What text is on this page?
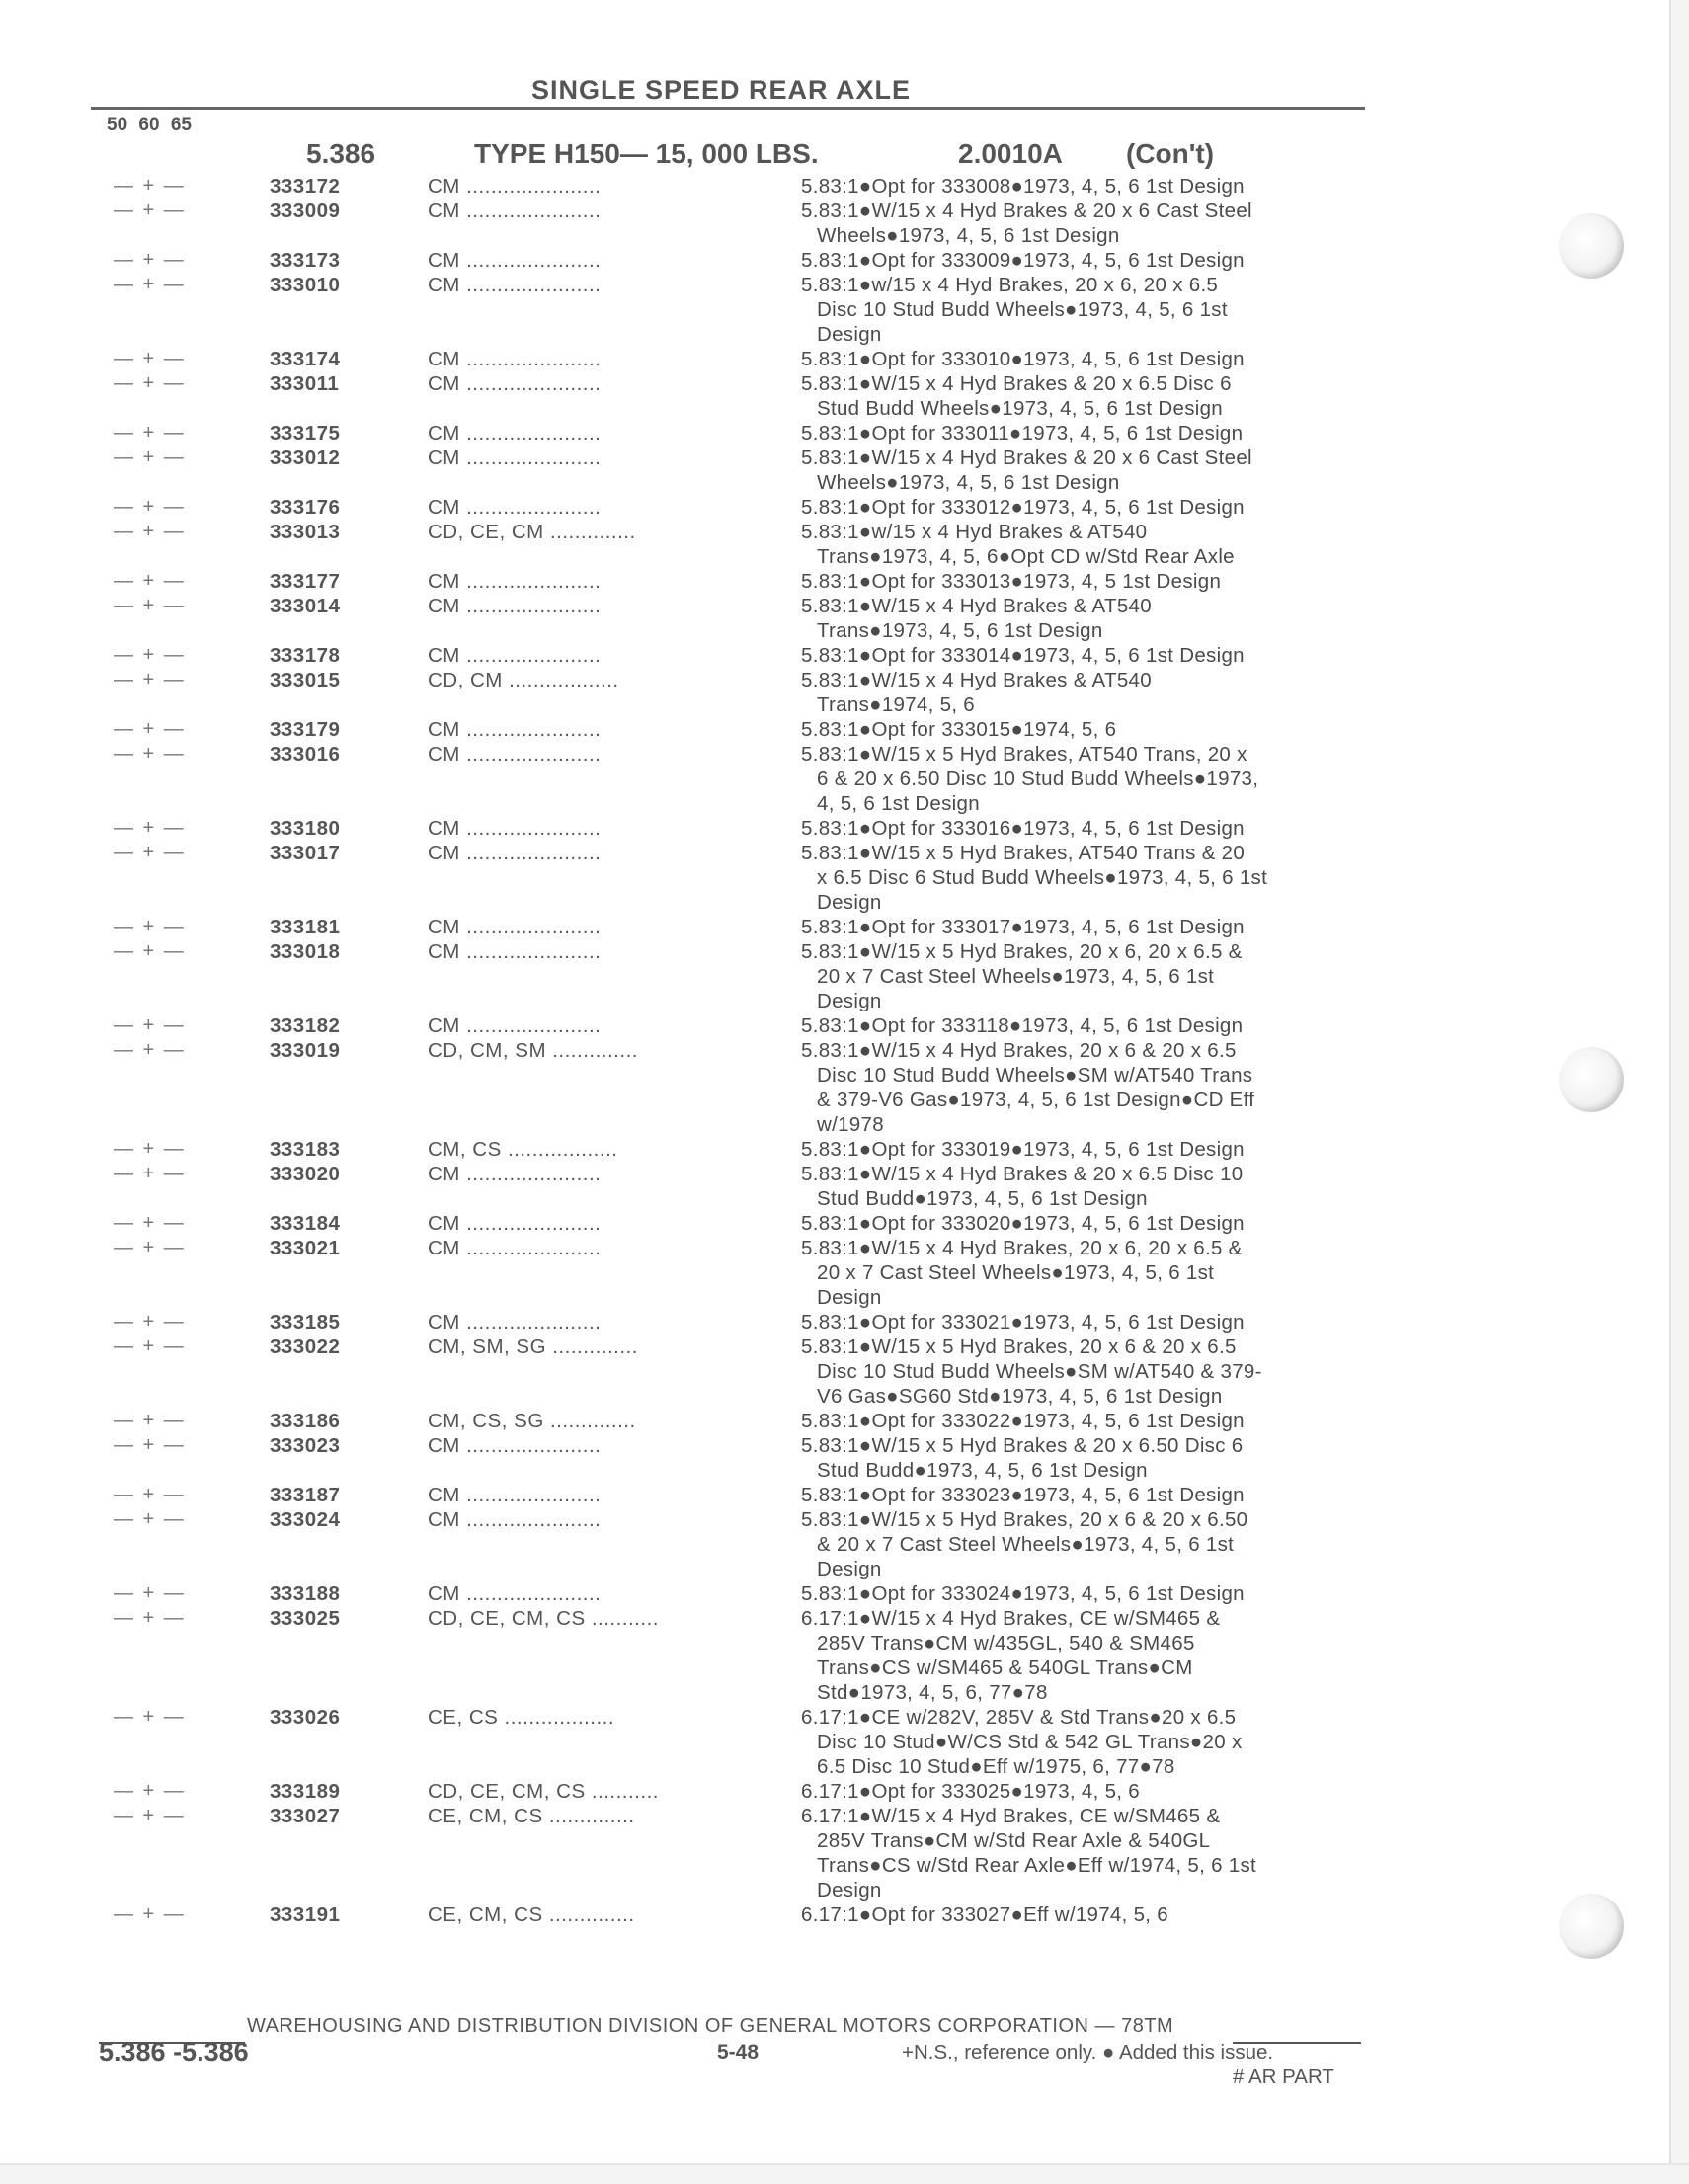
SINGLE SPEED REAR AXLE
50 60 65
5.386	TYPE H150— 15, 000 LBS.	2.0010A (Con't)
— + —	333172	CM ......................	5.83:1●Opt for 333008●1973, 4, 5, 6 1st Design
— + —	333009	CM ......................	5.83:1●W/15 x 4 Hyd Brakes & 20 x 6 Cast Steel
Wheels●1973, 4, 5, 6 1st Design
— + —	333173	CM ......................	5.83:1●Opt for 333009●1973, 4, 5, 6 1st Design
— + —	333010	CM ......................	5.83:1●w/15 x 4 Hyd Brakes, 20 x 6, 20 x 6.5
Disc 10 Stud Budd Wheels●1973, 4, 5, 6 1st
Design
— + —	333174	CM ......................	5.83:1●Opt for 333010●1973, 4, 5, 6 1st Design
— + —	333011	CM ......................	5.83:1●W/15 x 4 Hyd Brakes & 20 x 6.5 Disc 6
Stud Budd Wheels●1973, 4, 5, 6 1st Design
— + —	333175	CM ......................	5.83:1●Opt for 333011●1973, 4, 5, 6 1st Design
— + —	333012	CM ......................	5.83:1●W/15 x 4 Hyd Brakes & 20 x 6 Cast Steel
Wheels●1973, 4, 5, 6 1st Design
— + —	333176	CM ......................	5.83:1●Opt for 333012●1973, 4, 5, 6 1st Design
— + —	333013	CD, CE, CM ..............	5.83:1●w/15 x 4 Hyd Brakes & AT540
Trans●1973, 4, 5, 6●Opt CD w/Std Rear Axle
— + —	333177	CM ......................	5.83:1●Opt for 333013●1973, 4, 5 1st Design
— + —	333014	CM ......................	5.83:1●W/15 x 4 Hyd Brakes & AT540
Trans●1973, 4, 5, 6 1st Design
— + —	333178	CM ......................	5.83:1●Opt for 333014●1973, 4, 5, 6 1st Design
— + —	333015	CD, CM ..................	5.83:1●W/15 x 4 Hyd Brakes & AT540
Trans●1974, 5, 6
— + —	333179	CM ......................	5.83:1●Opt for 333015●1974, 5, 6
— + —	333016	CM ......................	5.83:1●W/15 x 5 Hyd Brakes, AT540 Trans, 20 x
6 & 20 x 6.50 Disc 10 Stud Budd Wheels●1973,
4, 5, 6 1st Design
— + —	333180	CM ......................	5.83:1●Opt for 333016●1973, 4, 5, 6 1st Design
— + —	333017	CM ......................	5.83:1●W/15 x 5 Hyd Brakes, AT540 Trans & 20
x 6.5 Disc 6 Stud Budd Wheels●1973, 4, 5, 6 1st
Design
— + —	333181	CM ......................	5.83:1●Opt for 333017●1973, 4, 5, 6 1st Design
— + —	333018	CM ......................	5.83:1●W/15 x 5 Hyd Brakes, 20 x 6, 20 x 6.5 &
20 x 7 Cast Steel Wheels●1973, 4, 5, 6 1st
Design
— + —	333182	CM ......................	5.83:1●Opt for 333118●1973, 4, 5, 6 1st Design
— + —	333019	CD, CM, SM ..............	5.83:1●W/15 x 4 Hyd Brakes, 20 x 6 & 20 x 6.5
Disc 10 Stud Budd Wheels●SM w/AT540 Trans
& 379-V6 Gas●1973, 4, 5, 6 1st Design●CD Eff
w/1978
— + —	333183	CM, CS ..................	5.83:1●Opt for 333019●1973, 4, 5, 6 1st Design
— + —	333020	CM ......................	5.83:1●W/15 x 4 Hyd Brakes & 20 x 6.5 Disc 10
Stud Budd●1973, 4, 5, 6 1st Design
— + —	333184	CM ......................	5.83:1●Opt for 333020●1973, 4, 5, 6 1st Design
— + —	333021	CM ......................	5.83:1●W/15 x 4 Hyd Brakes, 20 x 6, 20 x 6.5 &
20 x 7 Cast Steel Wheels●1973, 4, 5, 6 1st
Design
— + —	333185	CM ......................	5.83:1●Opt for 333021●1973, 4, 5, 6 1st Design
— + —	333022	CM, SM, SG ..............	5.83:1●W/15 x 5 Hyd Brakes, 20 x 6 & 20 x 6.5
Disc 10 Stud Budd Wheels●SM w/AT540 & 379-
V6 Gas●SG60 Std●1973, 4, 5, 6 1st Design
— + —	333186	CM, CS, SG ..............	5.83:1●Opt for 333022●1973, 4, 5, 6 1st Design
— + —	333023	CM ......................	5.83:1●W/15 x 5 Hyd Brakes & 20 x 6.50 Disc 6
Stud Budd●1973, 4, 5, 6 1st Design
— + —	333187	CM ......................	5.83:1●Opt for 333023●1973, 4, 5, 6 1st Design
— + —	333024	CM ......................	5.83:1●W/15 x 5 Hyd Brakes, 20 x 6 & 20 x 6.50
& 20 x 7 Cast Steel Wheels●1973, 4, 5, 6 1st
Design
— + —	333188	CM ......................	5.83:1●Opt for 333024●1973, 4, 5, 6 1st Design
— + —	333025	CD, CE, CM, CS ...........	6.17:1●W/15 x 4 Hyd Brakes, CE w/SM465 &
285V Trans●CM w/435GL, 540 & SM465
Trans●CS w/SM465 & 540GL Trans●CM
Std●1973, 4, 5, 6, 77●78
— + —	333026	CE, CS ..................	6.17:1●CE w/282V, 285V & Std Trans●20 x 6.5
Disc 10 Stud●W/CS Std & 542 GL Trans●20 x
6.5 Disc 10 Stud●Eff w/1975, 6, 77●78
— + —	333189	CD, CE, CM, CS ...........	6.17:1●Opt for 333025●1973, 4, 5, 6
— + —	333027	CE, CM, CS ..............	6.17:1●W/15 x 4 Hyd Brakes, CE w/SM465 &
285V Trans●CM w/Std Rear Axle & 540GL
Trans●CS w/Std Rear Axle●Eff w/1974, 5, 6 1st
Design
— + —	333191	CE, CM, CS ..............	6.17:1●Opt for 333027●Eff w/1974, 5, 6
WAREHOUSING AND DISTRIBUTION DIVISION OF GENERAL MOTORS CORPORATION — 78TM
5.386 -5.386	5-48	+N.S., reference only. ● Added this issue.
# AR PART
